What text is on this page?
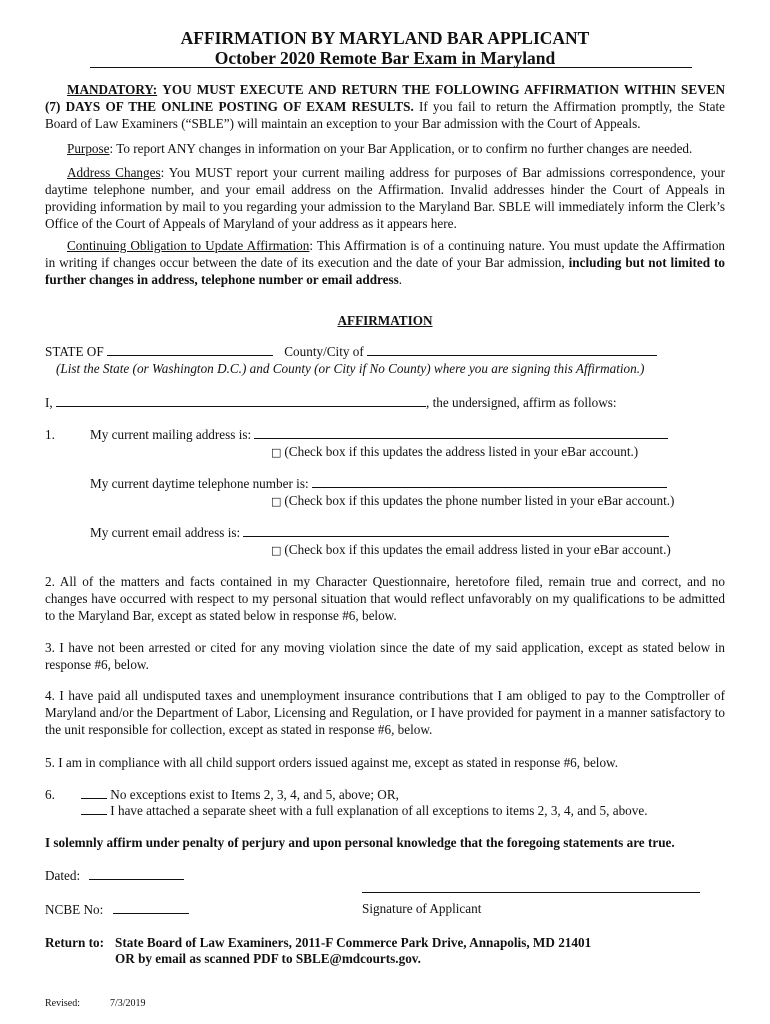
AFFIRMATION BY MARYLAND BAR APPLICANT
October 2020 Remote Bar Exam in Maryland
MANDATORY: YOU MUST EXECUTE AND RETURN THE FOLLOWING AFFIRMATION WITHIN SEVEN (7) DAYS OF THE ONLINE POSTING OF EXAM RESULTS. If you fail to return the Affirmation promptly, the State Board of Law Examiners (“SBLE”) will maintain an exception to your Bar admission with the Court of Appeals.
Purpose: To report ANY changes in information on your Bar Application, or to confirm no further changes are needed.
Address Changes: You MUST report your current mailing address for purposes of Bar admissions correspondence, your daytime telephone number, and your email address on the Affirmation. Invalid addresses hinder the Court of Appeals in providing information by mail to you regarding your admission to the Maryland Bar. SBLE will immediately inform the Clerk’s Office of the Court of Appeals of Maryland of your address as it appears here.
Continuing Obligation to Update Affirmation: This Affirmation is of a continuing nature. You must update the Affirmation in writing if changes occur between the date of its execution and the date of your Bar admission, including but not limited to further changes in address, telephone number or email address.
AFFIRMATION
STATE OF	County/City of
(List the State (or Washington D.C.) and County (or City if No County) where you are signing this Affirmation.)
I,	, the undersigned, affirm as follows:
1.	My current mailing address is:
□ (Check box if this updates the address listed in your eBar account.)
My current daytime telephone number is:
□ (Check box if this updates the phone number listed in your eBar account.)
My current email address is:
□ (Check box if this updates the email address listed in your eBar account.)
2. All of the matters and facts contained in my Character Questionnaire, heretofore filed, remain true and correct, and no changes have occurred with respect to my personal situation that would reflect unfavorably on my qualifications to be admitted to the Maryland Bar, except as stated below in response #6, below.
3. I have not been arrested or cited for any moving violation since the date of my said application, except as stated below in response #6, below.
4. I have paid all undisputed taxes and unemployment insurance contributions that I am obliged to pay to the Comptroller of Maryland and/or the Department of Labor, Licensing and Regulation, or I have provided for payment in a manner satisfactory to the unit responsible for collection, except as stated in response #6, below.
5. I am in compliance with all child support orders issued against me, except as stated in response #6, below.
6.	No exceptions exist to Items 2, 3, 4, and 5, above; OR,
I have attached a separate sheet with a full explanation of all exceptions to items 2, 3, 4, and 5, above.
I solemnly affirm under penalty of perjury and upon personal knowledge that the foregoing statements are true.
Dated:
Signature of Applicant
NCBE No:
Return to: State Board of Law Examiners, 2011-F Commerce Park Drive, Annapolis, MD 21401
OR by email as scanned PDF to SBLE@mdcourts.gov.
Revised:	7/3/2019
